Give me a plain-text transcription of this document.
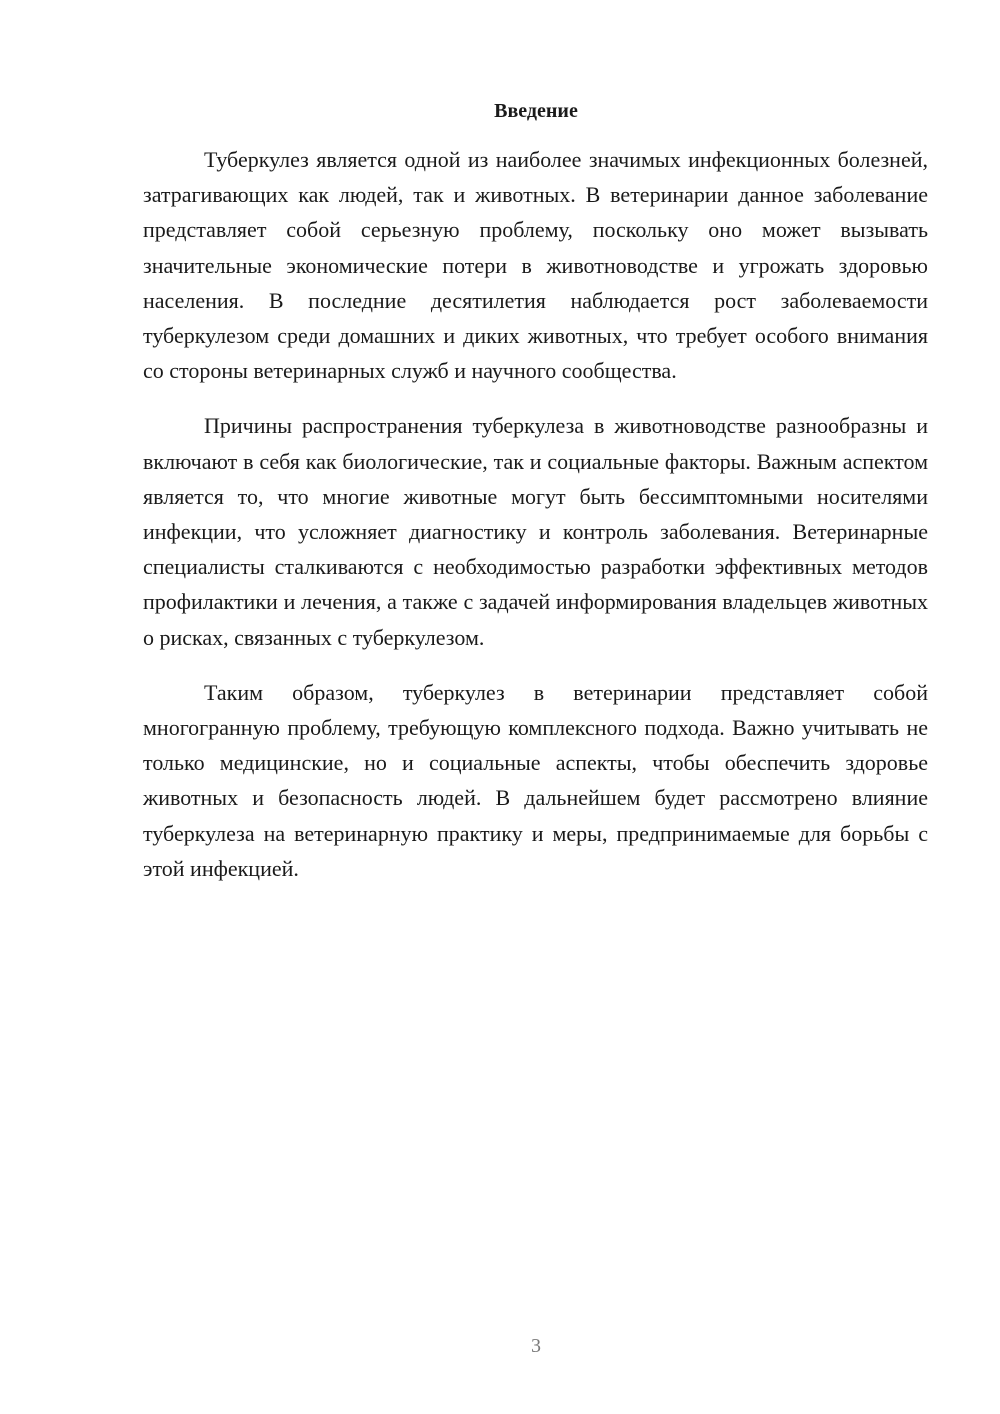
Введение

Туберкулез является одной из наиболее значимых инфекционных болезней, затрагивающих как людей, так и животных. В ветеринарии данное заболевание представляет собой серьезную проблему, поскольку оно может вызывать значительные экономические потери в животноводстве и угрожать здоровью населения. В последние десятилетия наблюдается рост заболеваемости туберкулезом среди домашних и диких животных, что требует особого внимания со стороны ветеринарных служб и научного сообщества.

Причины распространения туберкулеза в животноводстве разнообразны и включают в себя как биологические, так и социальные факторы. Важным аспектом является то, что многие животные могут быть бессимптомными носителями инфекции, что усложняет диагностику и контроль заболевания. Ветеринарные специалисты сталкиваются с необходимостью разработки эффективных методов профилактики и лечения, а также с задачей информирования владельцев животных о рисках, связанных с туберкулезом.

Таким образом, туберкулез в ветеринарии представляет собой многогранную проблему, требующую комплексного подхода. Важно учитывать не только медицинские, но и социальные аспекты, чтобы обеспечить здоровье животных и безопасность людей. В дальнейшем будет рассмотрено влияние туберкулеза на ветеринарную практику и меры, предпринимаемые для борьбы с этой инфекцией.

3
